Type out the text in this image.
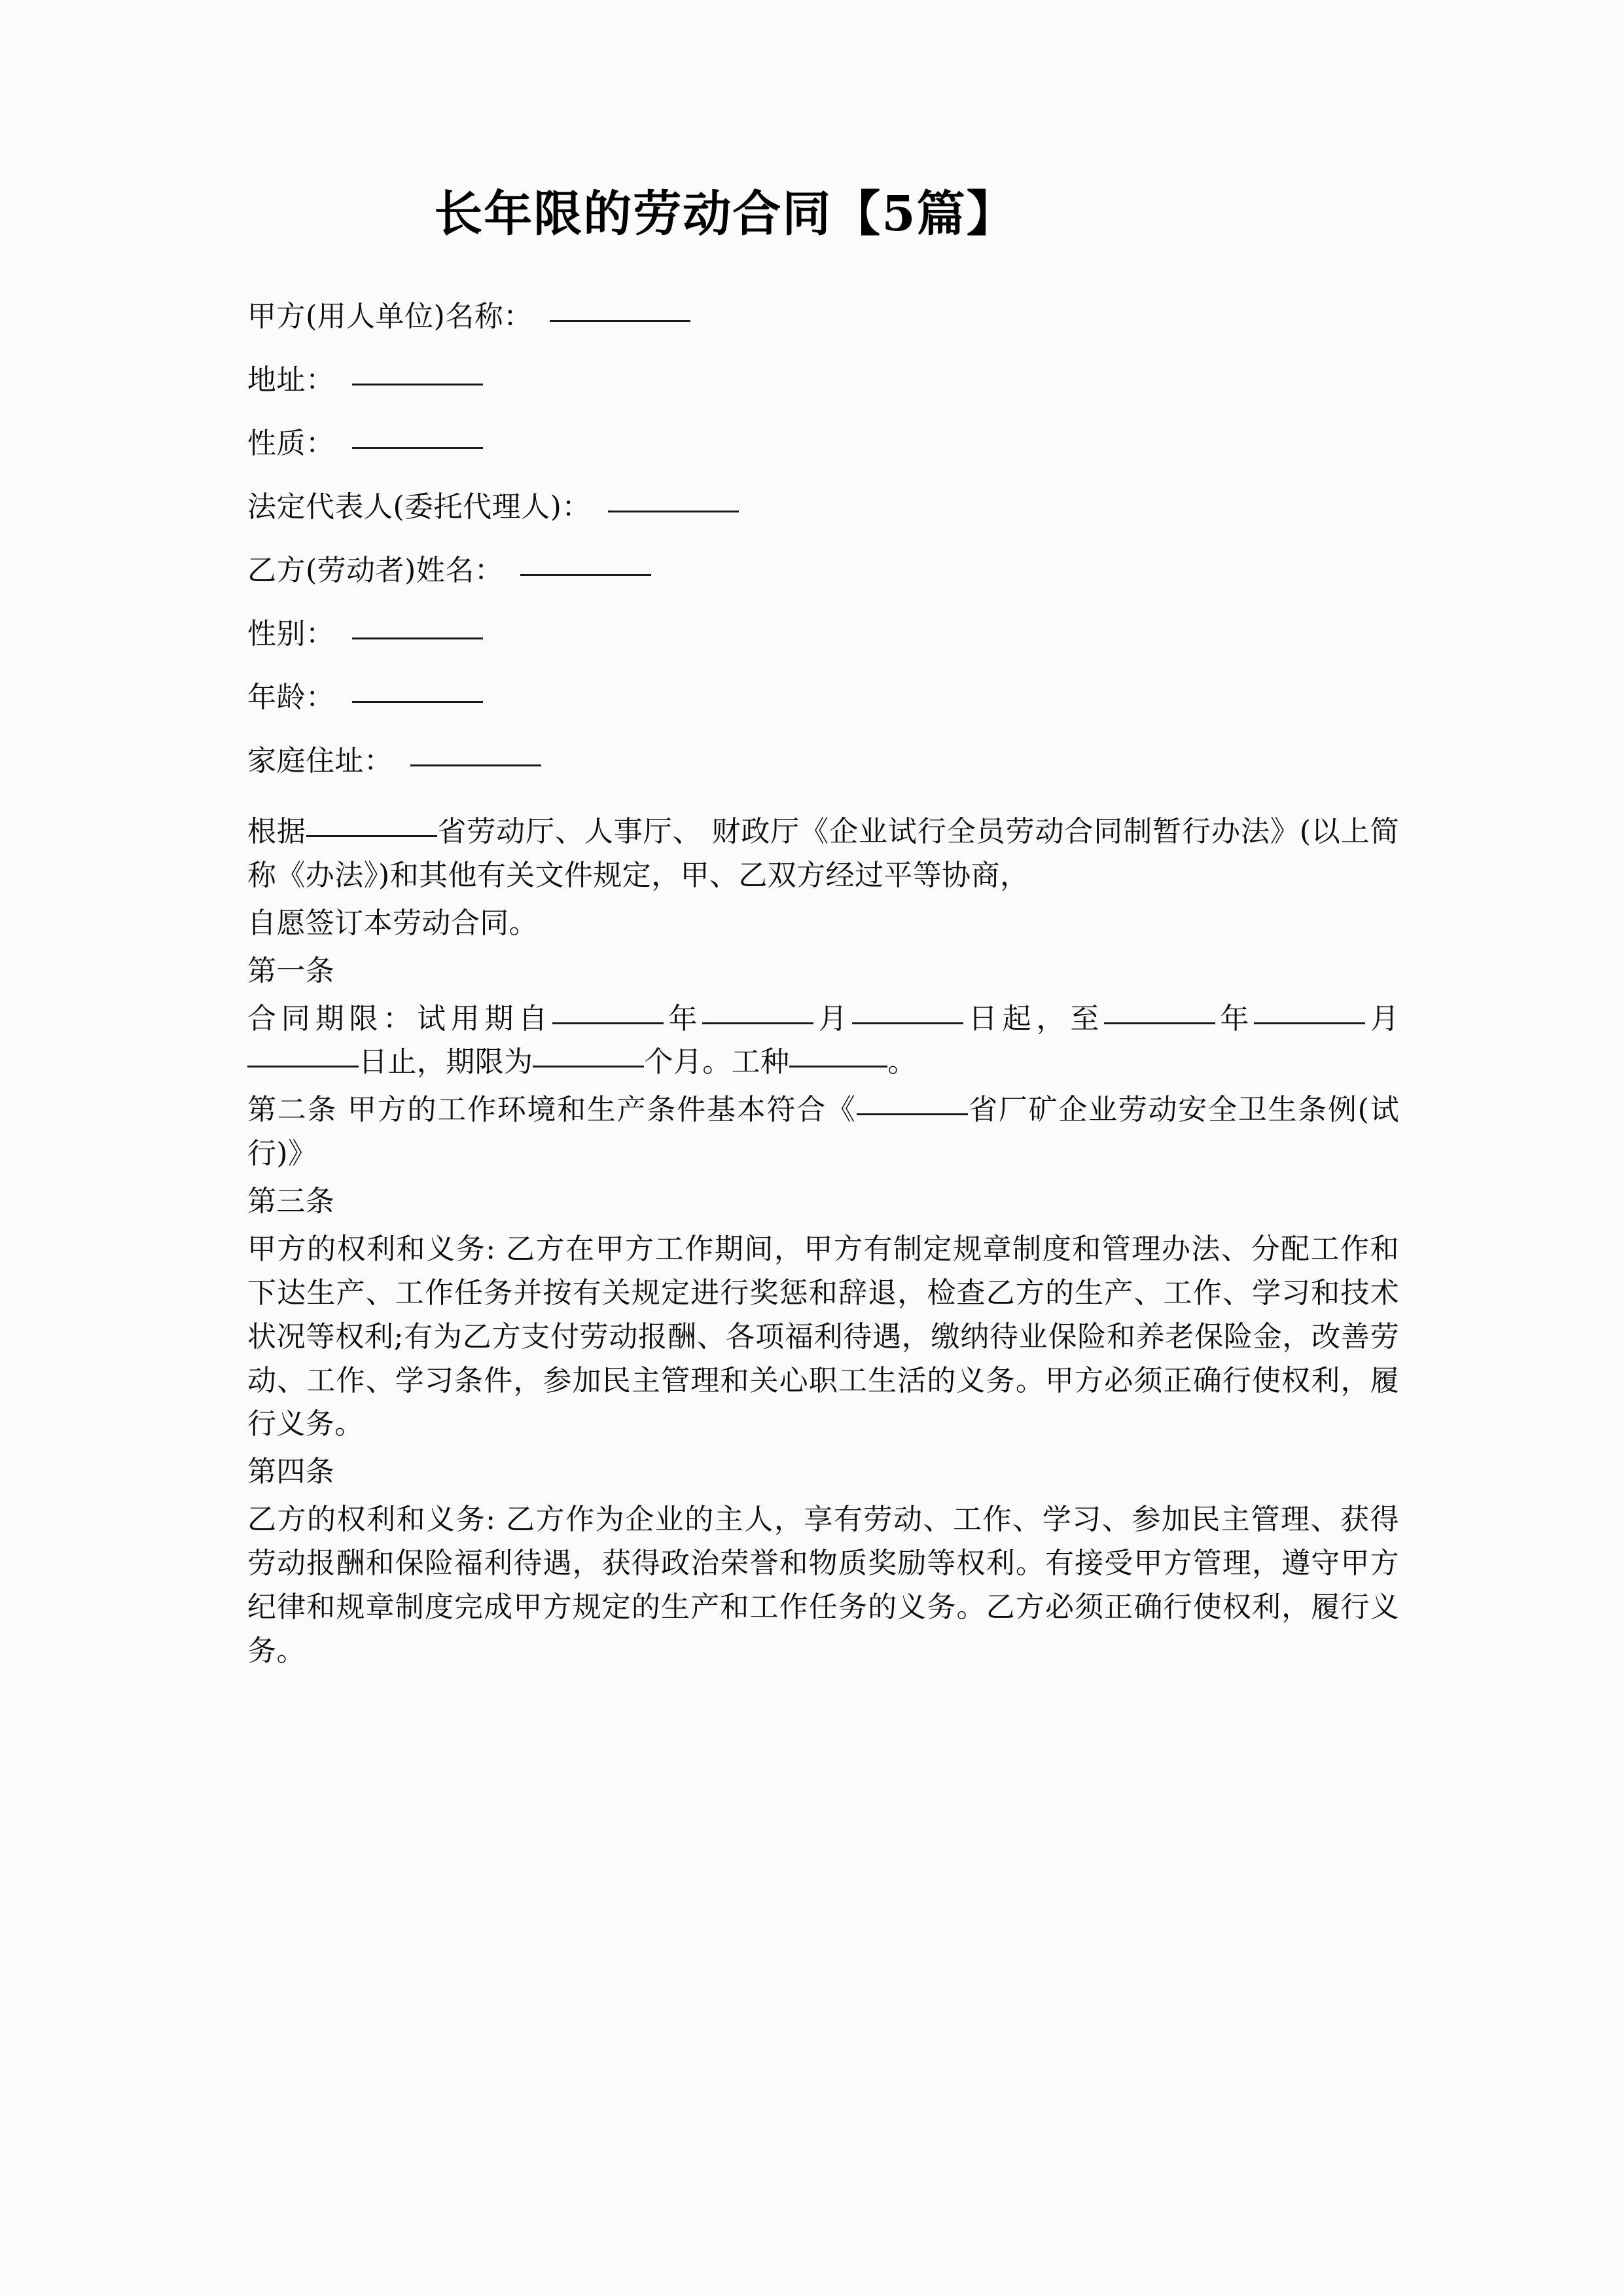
长年限的劳动合同【5篇】
甲方(用人单位)名称：
地址：
性质：
法定代表人(委托代理人)：
乙方(劳动者)姓名：
性别：
年龄：
家庭住址：

根据	省劳动厅、人事厅、 财政厅《企业试行全员劳动合同制暂行办法》(以上简称《办法》)和其他有关文件规定，甲、乙双方经过平等协商，

自愿签订本劳动合同。

第一条

合同期限：试用期自	年	月	日起，至	年	月日止，期限为	个月。工种	。

第二条 甲方的工作环境和生产条件基本符合《	省厂矿企业劳动安全卫生条例(试行)》

第三条

甲方的权利和义务: 乙方在甲方工作期间，甲方有制定规章制度和管理办法、分配工作和下达生产、工作任务并按有关规定进行奖惩和辞退，检查乙方的生产、工作、学习和技术状况等权利;有为乙方支付劳动报酬、各项福利待遇，缴纳待业保险和养老保险金，改善劳动、工作、学习条件，参加民主管理和关心职工生活的义务。甲方必须正确行使权利，履行义务。

第四条

乙方的权利和义务: 乙方作为企业的主人，享有劳动、工作、学习、参加民主管理、获得劳动报酬和保险福利待遇，获得政治荣誉和物质奖励等权利。有接受甲方管理，遵守甲方纪律和规章制度完成甲方规定的生产和工作任务的义务。乙方必须正确行使权利，履行义务。
